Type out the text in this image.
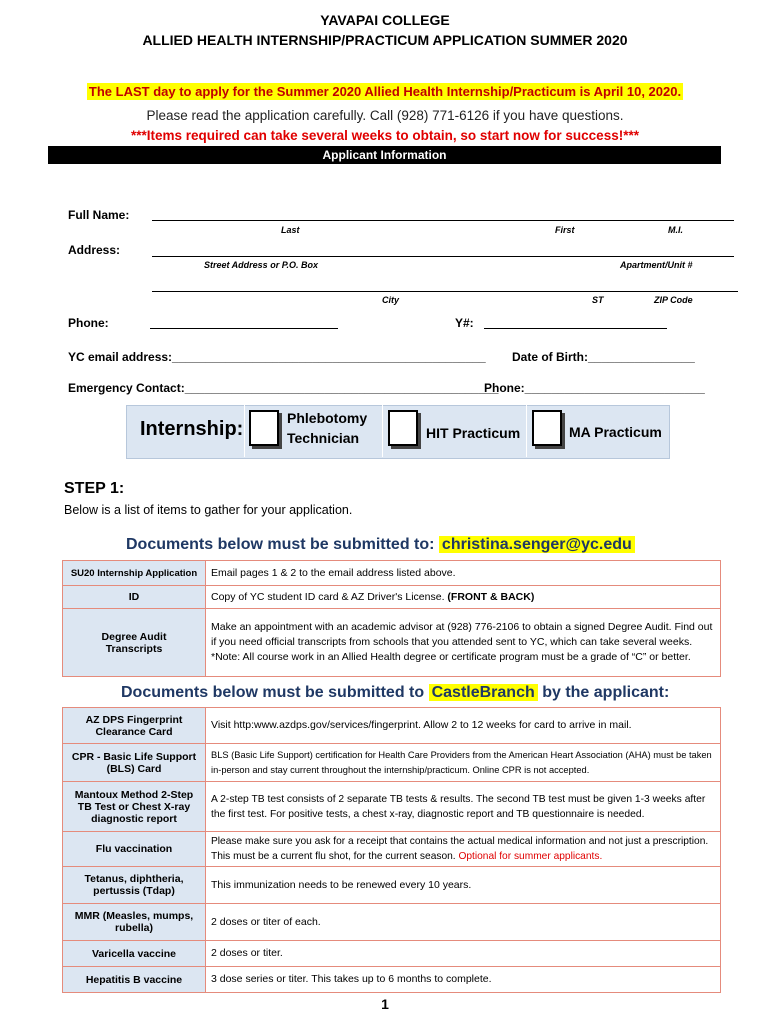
YAVAPAI COLLEGE
ALLIED HEALTH INTERNSHIP/PRACTICUM APPLICATION SUMMER 2020
The LAST day to apply for the Summer 2020 Allied Health Internship/Practicum is April 10, 2020.
Please read the application carefully. Call (928) 771-6126 if you have questions.
***Items required can take several weeks to obtain, so start now for success!***
Applicant Information
Full Name:
Last	First	M.I.
Address:
Street Address or P.O. Box	Apartment/Unit #
City	ST	ZIP Code
Phone:	Y#:
YC email address:_______________________________________________ Date of Birth:________________
Emergency Contact:_______________________________________________
Phone:___________________________
Internship:	Phlebotomy
Technician	HIT Practicum	MA Practicum
STEP 1:
Below is a list of items to gather for your application.
Documents below must be submitted to: christina.senger@yc.edu
SU20 Internship Application	Email pages 1 & 2 to the email address listed above.
ID	Copy of YC student ID card & AZ Driver's License. (FRONT & BACK)
Degree Audit Transcripts	Make an appointment with an academic advisor at (928) 776-2106 to obtain a signed Degree Audit. Find out if you need official transcripts from schools that you attended sent to YC, which can take several weeks. *Note: All course work in an Allied Health degree or certificate program must be a grade of “C” or better.
Documents below must be submitted to CastleBranch by the applicant:
AZ DPS Fingerprint Clearance Card	Visit http:www.azdps.gov/services/fingerprint. Allow 2 to 12 weeks for card to arrive in mail.
CPR - Basic Life Support (BLS) Card	BLS (Basic Life Support) certification for Health Care Providers from the American Heart Association (AHA) must be taken in-person and stay current throughout the internship/practicum. Online CPR is not accepted.
Mantoux Method 2-Step TB Test or Chest X-ray diagnostic report	A 2-step TB test consists of 2 separate TB tests & results. The second TB test must be given 1-3 weeks after the first test. For positive tests, a chest x-ray, diagnostic report and TB questionnaire is needed.
Flu vaccination	Please make sure you ask for a receipt that contains the actual medical information and not just a prescription. This must be a current flu shot, for the current season. Optional for summer applicants.
Tetanus, diphtheria, pertussis (Tdap)	This immunization needs to be renewed every 10 years.
MMR (Measles, mumps, rubella)	2 doses or titer of each.
Varicella vaccine	2 doses or titer.
Hepatitis B vaccine	3 dose series or titer. This takes up to 6 months to complete.
1
